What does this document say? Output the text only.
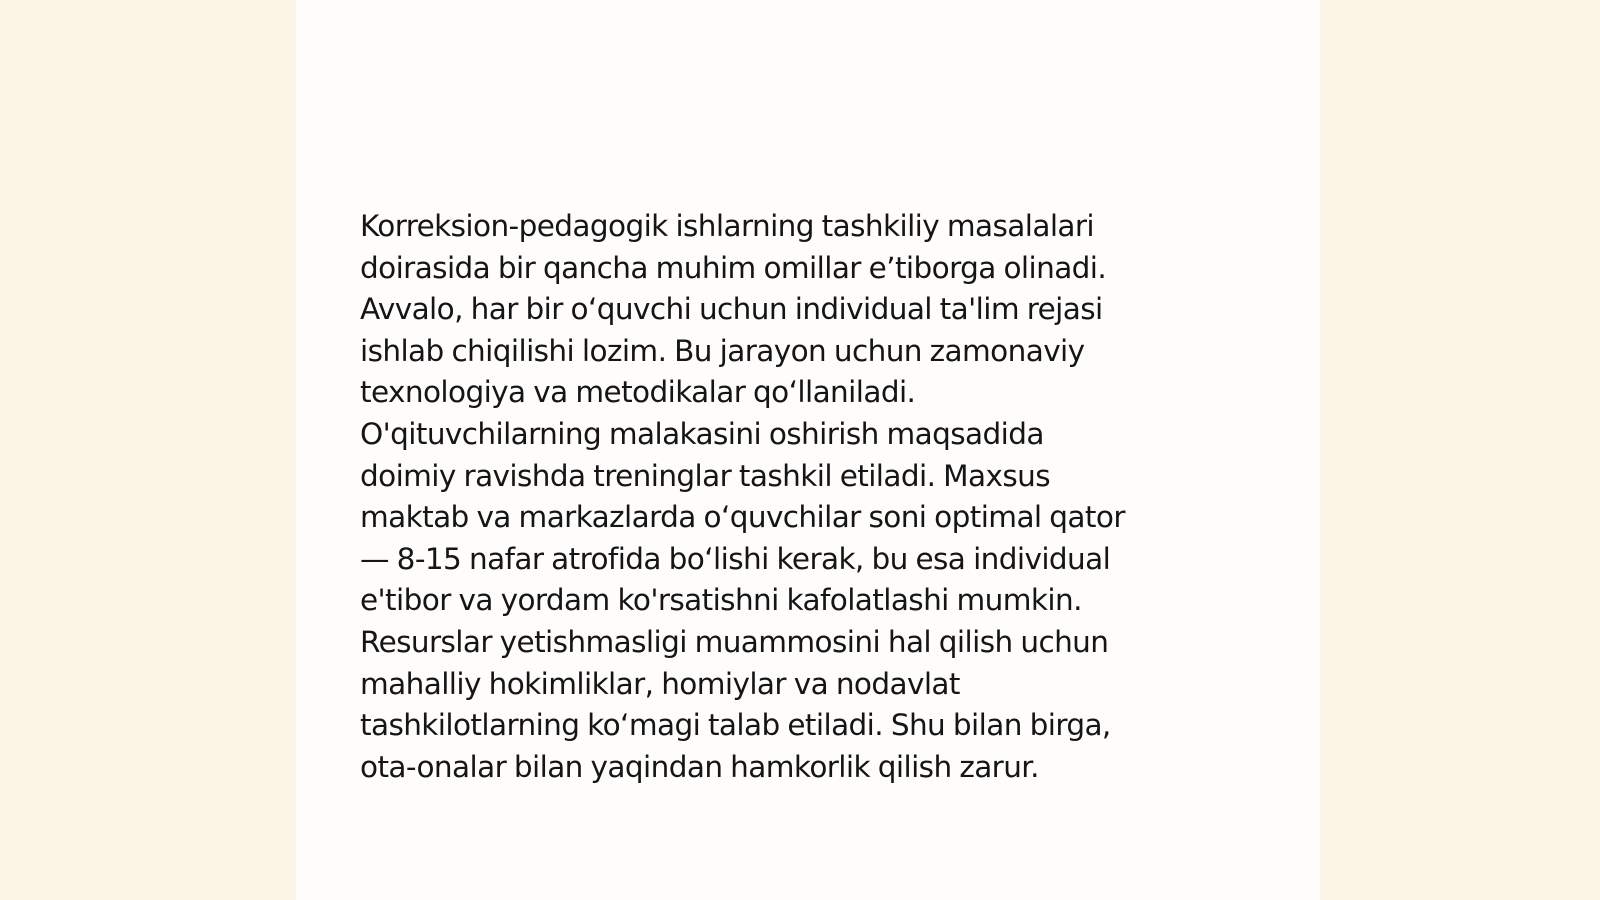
Korreksion-pedagogik ishlarning tashkiliy masalalari
doirasida bir qancha muhim omillar e’tiborga olinadi.
Avvalo, har bir o‘quvchi uchun individual ta'lim rejasi
ishlab chiqilishi lozim. Bu jarayon uchun zamonaviy
texnologiya va metodikalar qo‘llaniladi.
O'qituvchilarning malakasini oshirish maqsadida
doimiy ravishda treninglar tashkil etiladi. Maxsus
maktab va markazlarda o‘quvchilar soni optimal qator
— 8-15 nafar atrofida bo‘lishi kerak, bu esa individual
e'tibor va yordam ko'rsatishni kafolatlashi mumkin.
Resurslar yetishmasligi muammosini hal qilish uchun
mahalliy hokimliklar, homiylar va nodavlat
tashkilotlarning ko‘magi talab etiladi. Shu bilan birga,
ota-onalar bilan yaqindan hamkorlik qilish zarur.
